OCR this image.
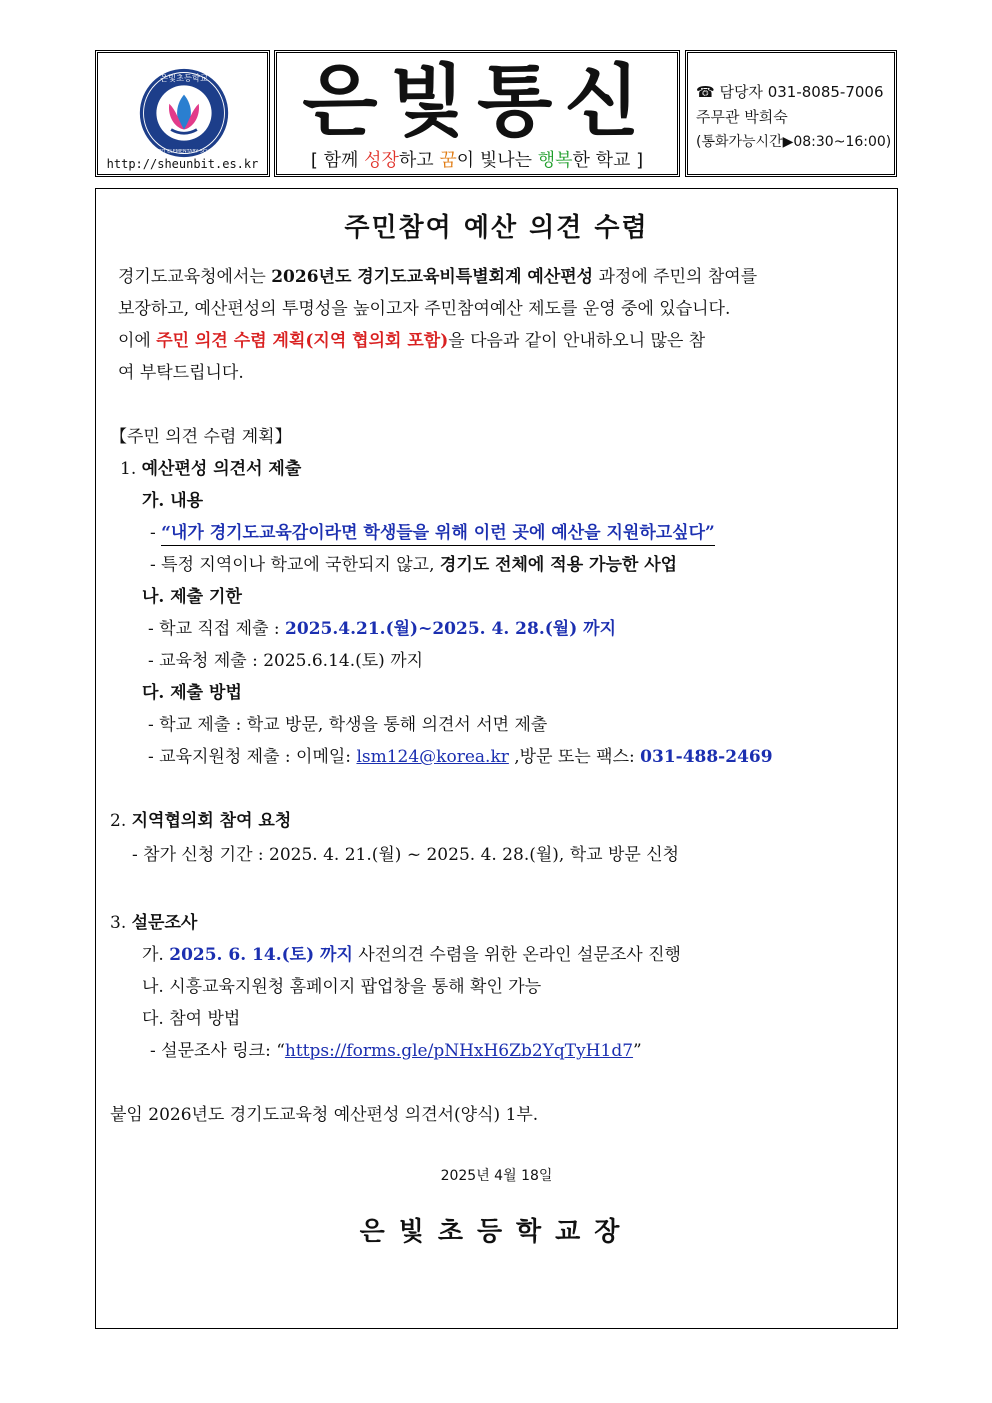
은빛초등학교
EUNBIT ELEMENTARY SCHOOL
http://sheunbit.es.kr
은빛통신
[ 함께 성장하고 꿈이 빛나는 행복한 학교 ]
☎ 담당자 031-8085-7006
주무관 박희숙
(통화가능시간▶08:30~16:00)
주민참여 예산 의견 수렴
경기도교육청에서는 2026년도 경기도교육비특별회계 예산편성 과정에 주민의 참여를
보장하고, 예산편성의 투명성을 높이고자 주민참여예산 제도를 운영 중에 있습니다.
이에 주민 의견 수렴 계획(지역 협의회 포함)을 다음과 같이 안내하오니 많은 참
여 부탁드립니다.
【주민 의견 수렴 계획】
1. 예산편성 의견서 제출
가. 내용
- “내가 경기도교육감이라면 학생들을 위해 이런 곳에 예산을 지원하고싶다”
- 특정 지역이나 학교에 국한되지 않고, 경기도 전체에 적용 가능한 사업
나. 제출 기한
- 학교 직접 제출 : 2025.4.21.(월)~2025. 4. 28.(월) 까지
- 교육청 제출 : 2025.6.14.(토) 까지
다. 제출 방법
- 학교 제출 : 학교 방문, 학생을 통해 의견서 서면 제출
- 교육지원청 제출 : 이메일: lsm124@korea.kr ,방문 또는 팩스: 031-488-2469
2. 지역협의회 참여 요청
- 참가 신청 기간 : 2025. 4. 21.(월) ~ 2025. 4. 28.(월), 학교 방문 신청
3. 설문조사
가. 2025. 6. 14.(토) 까지 사전의견 수렴을 위한 온라인 설문조사 진행
나. 시흥교육지원청 홈페이지 팝업창을 통해 확인 가능
다. 참여 방법
- 설문조사 링크: “https://forms.gle/pNHxH6Zb2YqTyH1d7”
붙임 2026년도 경기도교육청 예산편성 의견서(양식) 1부.
2025년 4월 18일
은빛초등학교장
